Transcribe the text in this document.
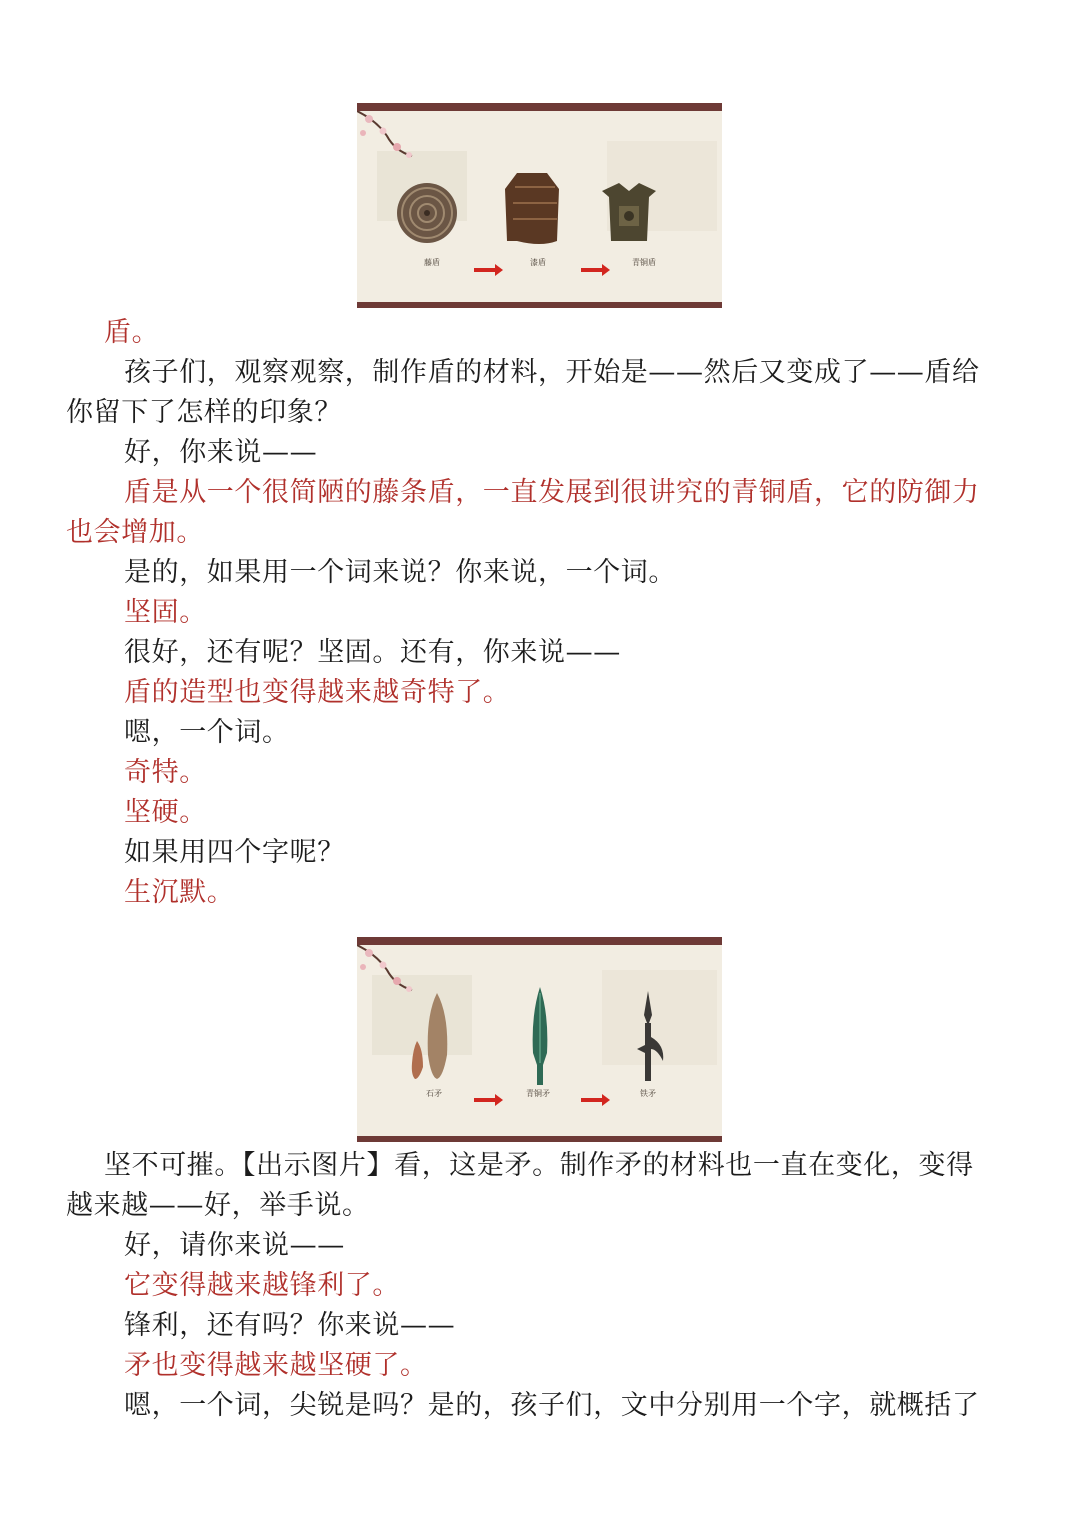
藤盾	漆盾	青铜盾
盾。
孩子们，观察观察，制作盾的材料，开始是——然后又变成了——盾给
你留下了怎样的印象？
好，你来说——
盾是从一个很简陋的藤条盾，一直发展到很讲究的青铜盾，它的防御力
也会增加。
是的，如果用一个词来说？你来说，一个词。
坚固。
很好，还有呢？坚固。还有，你来说——
盾的造型也变得越来越奇特了。
嗯，一个词。
奇特。
坚硬。
如果用四个字呢？
生沉默。
石矛	青铜矛	铁矛
坚不可摧。【出示图片】看，这是矛。制作矛的材料也一直在变化，变得
越来越——好，举手说。
好，请你来说——
它变得越来越锋利了。
锋利，还有吗？你来说——
矛也变得越来越坚硬了。
嗯，一个词，尖锐是吗？是的，孩子们，文中分别用一个字，就概括了
